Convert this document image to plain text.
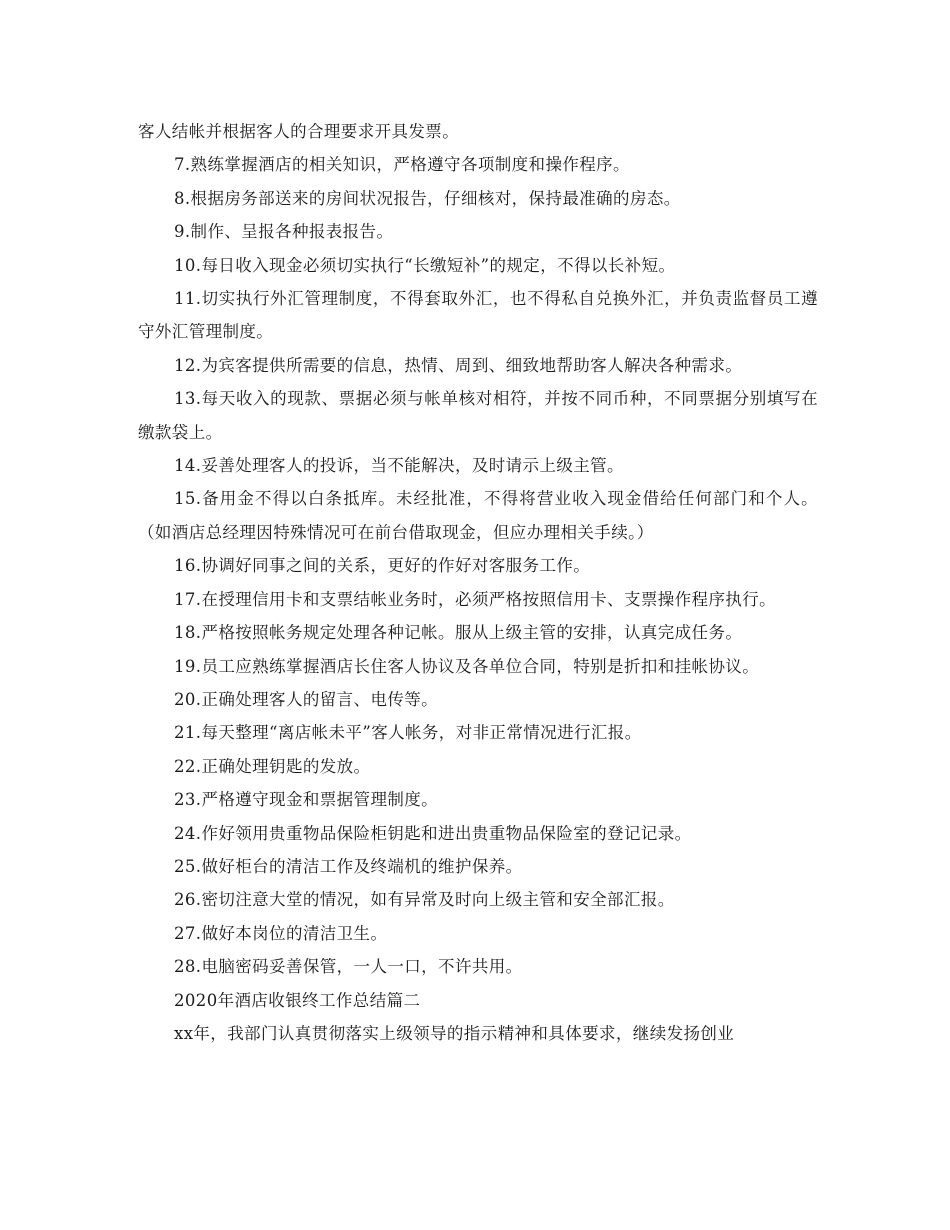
客人结帐并根据客人的合理要求开具发票。

7.熟练掌握酒店的相关知识，严格遵守各项制度和操作程序。

8.根据房务部送来的房间状况报告，仔细核对，保持最准确的房态。

9.制作、呈报各种报表报告。

10.每日收入现金必须切实执行“长缴短补”的规定，不得以长补短。

11.切实执行外汇管理制度，不得套取外汇，也不得私自兑换外汇，并负责监督员工遵守外汇管理制度。

12.为宾客提供所需要的信息，热情、周到、细致地帮助客人解决各种需求。

13.每天收入的现款、票据必须与帐单核对相符，并按不同币种，不同票据分别填写在缴款袋上。

14.妥善处理客人的投诉，当不能解决，及时请示上级主管。

15.备用金不得以白条抵库。未经批准，不得将营业收入现金借给任何部门和个人。（如酒店总经理因特殊情况可在前台借取现金，但应办理相关手续。）

16.协调好同事之间的关系，更好的作好对客服务工作。

17.在授理信用卡和支票结帐业务时，必须严格按照信用卡、支票操作程序执行。

18.严格按照帐务规定处理各种记帐。服从上级主管的安排，认真完成任务。

19.员工应熟练掌握酒店长住客人协议及各单位合同，特别是折扣和挂帐协议。

20.正确处理客人的留言、电传等。

21.每天整理“离店帐未平”客人帐务，对非正常情况进行汇报。

22.正确处理钥匙的发放。

23.严格遵守现金和票据管理制度。

24.作好领用贵重物品保险柜钥匙和进出贵重物品保险室的登记记录。

25.做好柜台的清洁工作及终端机的维护保养。

26.密切注意大堂的情况，如有异常及时向上级主管和安全部汇报。

27.做好本岗位的清洁卫生。

28.电脑密码妥善保管，一人一口，不许共用。

2020年酒店收银终工作总结篇二

xx年，我部门认真贯彻落实上级领导的指示精神和具体要求，继续发扬创业
